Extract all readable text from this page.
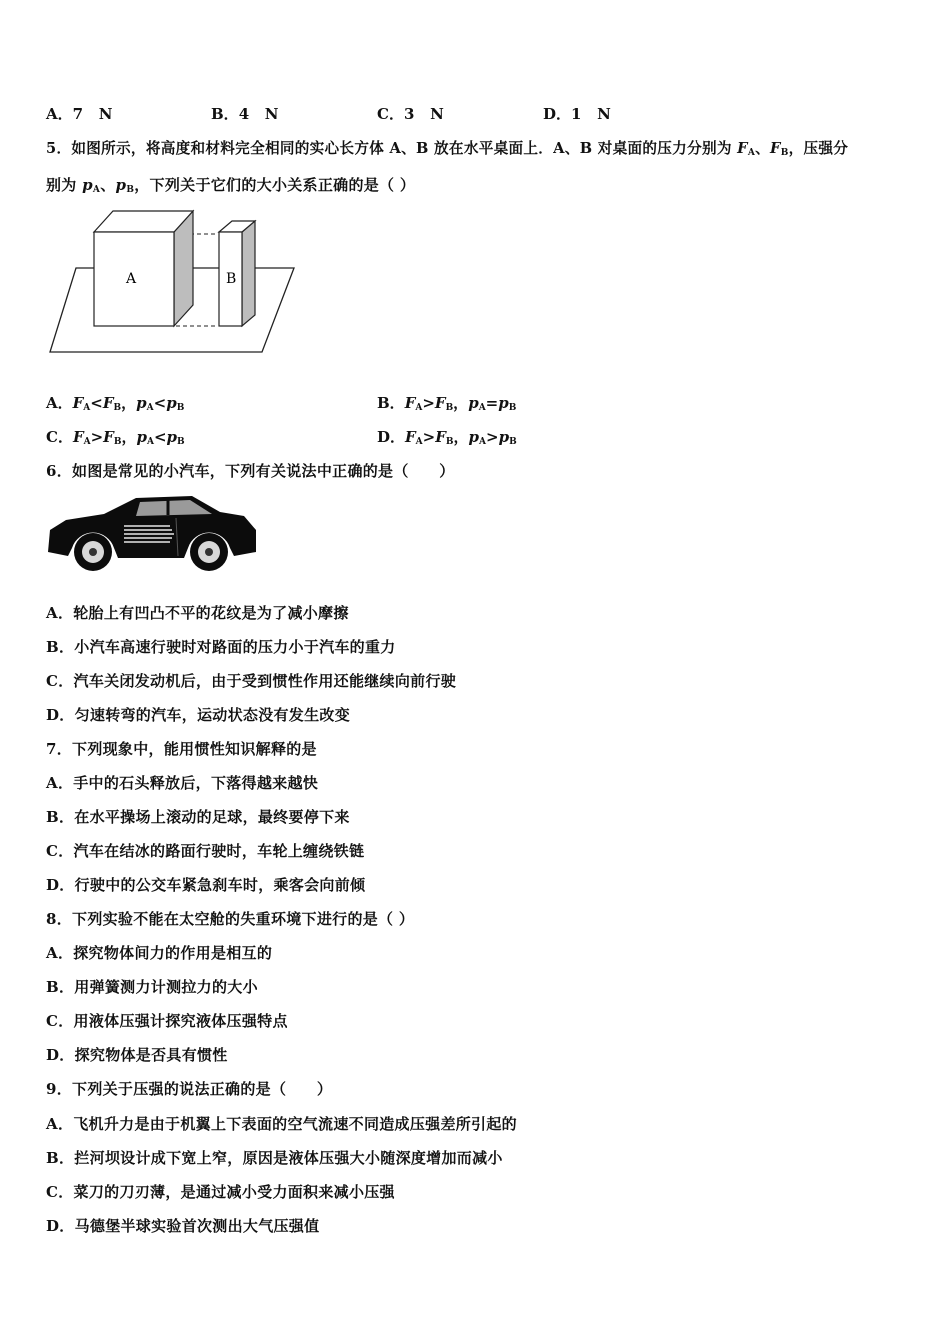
A．7 N	B．4 N	C．3 N	D．1 N
5．如图所示，将高度和材料完全相同的实心长方体 A、B 放在水平桌面上．A、B 对桌面的压力分别为 $F_A$、$F_B$，压强分
别为 $p_A$、$p_B$，下列关于它们的大小关系正确的是（ ）
A	B
A．$F_A<F_B$，$p_A<p_B$	B．$F_A>F_B$，$p_A=p_B$
C．$F_A>F_B$，$p_A<p_B$	D．$F_A>F_B$，$p_A>p_B$
6．如图是常见的小汽车，下列有关说法中正确的是（　　）
A．轮胎上有凹凸不平的花纹是为了减小摩擦
B．小汽车高速行驶时对路面的压力小于汽车的重力
C．汽车关闭发动机后，由于受到惯性作用还能继续向前行驶
D．匀速转弯的汽车，运动状态没有发生改变
7．下列现象中，能用惯性知识解释的是
A．手中的石头释放后，下落得越来越快
B．在水平操场上滚动的足球，最终要停下来
C．汽车在结冰的路面行驶时，车轮上缠绕铁链
D．行驶中的公交车紧急刹车时，乘客会向前倾
8．下列实验不能在太空舱的失重环境下进行的是（ ）
A．探究物体间力的作用是相互的
B．用弹簧测力计测拉力的大小
C．用液体压强计探究液体压强特点
D．探究物体是否具有惯性
9．下列关于压强的说法正确的是（　　）
A．飞机升力是由于机翼上下表面的空气流速不同造成压强差所引起的
B．拦河坝设计成下宽上窄，原因是液体压强大小随深度增加而减小
C．菜刀的刀刃薄，是通过减小受力面积来减小压强
D．马德堡半球实验首次测出大气压强值
